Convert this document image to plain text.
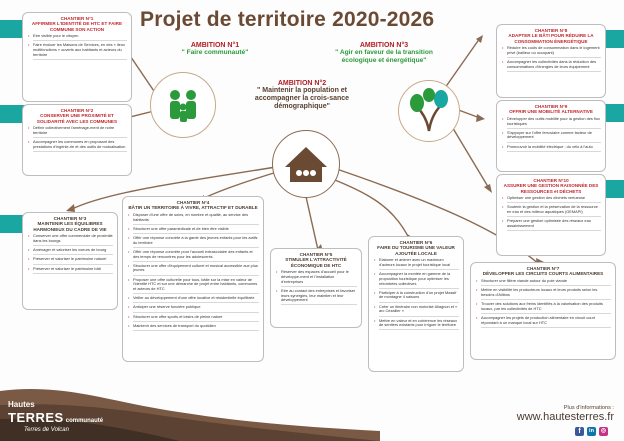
Projet de territoire 2020-2026
AMBITION N°1
" Faire communauté"
AMBITION N°2
" Maintenir la population et accompagner la crois-sance démographique"
AMBITION N°3
" Agir en faveur de la transition écologique et énergétique"
CHANTIER N°1
AFFIRMER L'IDENTITÉ DE HTC ET FAIRE COMMUNE SON ACTION
• Etre visible pour le citoyen
• Faire évoluer les Maisons de Services, en des « lieux multifonctions » ouverts aux habitants et acteurs du territoire
CHANTIER N°2
CONSERVER UNE PROXIMITÉ ET SOLIDARITÉ AVEC LES COMMUNES
• Définir collectivement l'aménage-ment de notre territoire
• Accompagner les communes en proposant des prestations d'ingénie-rie et des outils de mutualisation
CHANTIER N°3
MAINTENIR LES ÉQUILIBRES HARMONIEUX DU CADRE DE VIE
• Conserver une offre commerciale de proximité dans les bourgs
• Aménager et valoriser les coeurs de bourg
• Préserver et valoriser le patrimoine naturel
• Préserver et valoriser le patrimoine bâti
CHANTIER N°4
BÂTIR UN TERRITOIRE À VIVRE, ATTRACTIF ET DURABLE
• Disposer d'une offre de soins, en nombre et qualité, au service des habitants
• Structurer une offre paramédicale et de bien être visible
• Offrir une réponse concrète à la garde des jeunes enfants pour les actifs du territoire
• Offrir une réponse concrète pour l'accueil extrascolaire des enfants et des temps de rencontres pour les adolescents
• Structurer une offre d'équipement culturel et musical accessible aux plus jeunes
• Proposer une offre culturelle pour tous, bâtie sur la mise en valeur de l'identité HTC et sur une démarche de projet entre habitants, communes et acteurs de HTC
• Veiller au développement d'une offre locative et résidentielle équilibrée
• Anticiper une réserve foncière publique
• Structurer une offre sports et loisirs de pleine nature
• Maintenir des services de transport du quotidien
CHANTIER N°5
STIMULER L'ATTRACTIVITÉ ÉCONOMIQUE DE HTC
• Réserver des espaces d'accueil pour le développe-ment et l'installation d'entreprises
• Etre au contact des entreprises et favoriser leurs synergies, leur maintien et leur développement
CHANTIER N°6
FAIRE DU TOURISME UNE VALEUR AJOUTÉE LOCALE
• Elaborer et animer avec un maximum d'acteurs locaux le projet touristique local
• Accompagner la montée en gamme de la proposition touristique pour optimiser les retombées collectives
• Participer à la construction d'un projet Massif de montagne 4 saisons
• Créer un itinéraire non motorisé Allagnon et « arc Cézallier »
• Mettre en valeur et en cohérence les réseaux de sentiers existants pour irriguer le territoire
CHANTIER N°7
DÉVELOPPER LES CIRCUITS COURTS ALIMENTAIRES
• Structurer une filière viande autour du pole viande
• Mettre en visibilité les producteurs locaux et leurs produits selon les besoins d'Allibos
• Trouver des solutions aux freins identifiés à la valorisation des produits locaux, par les collectivités de HTC
• Accompagner les projets de production alimentaire en circuit court répondant à un manque local sur HTC
CHANTIER N°8
ADAPTER LE BÂTI POUR RÉDUIRE LA CONSOMMATION ÉNERGÉTIQUE
• Réduire les coûts de consommation dans le logement privé (bailleur ou occupant)
• Accompagner les collectivités dans la réduction des consommations d'énergies de leurs équipement
CHANTIER N°9
OFFRIR UNE MOBILITÉ ALTERNATIVE
• Développer des outils mobilité pour la gestion des flux touristiques
• S'appuyer sur l'offre ferroviaire comme facteur de développement
• Promouvoir la mobilité électrique : du vélo à l'auto
CHANTIER N°10
ASSURER UNE GESTION RAISONNÉE DES RESSOURCES et DÉCHETS
• Optimiser une gestion des déchets vertueuse
• Soutenir la gestion et la préservation de la ressource en eau et des milieux aquatiques (GEMAPI)
• Préparer une gestion optimisée des réseaux eau assainissement
Hautes
TERRES communauté
Terres de Volcan
Plus d'informations :
www.hautesterres.fr
f	in	◎
